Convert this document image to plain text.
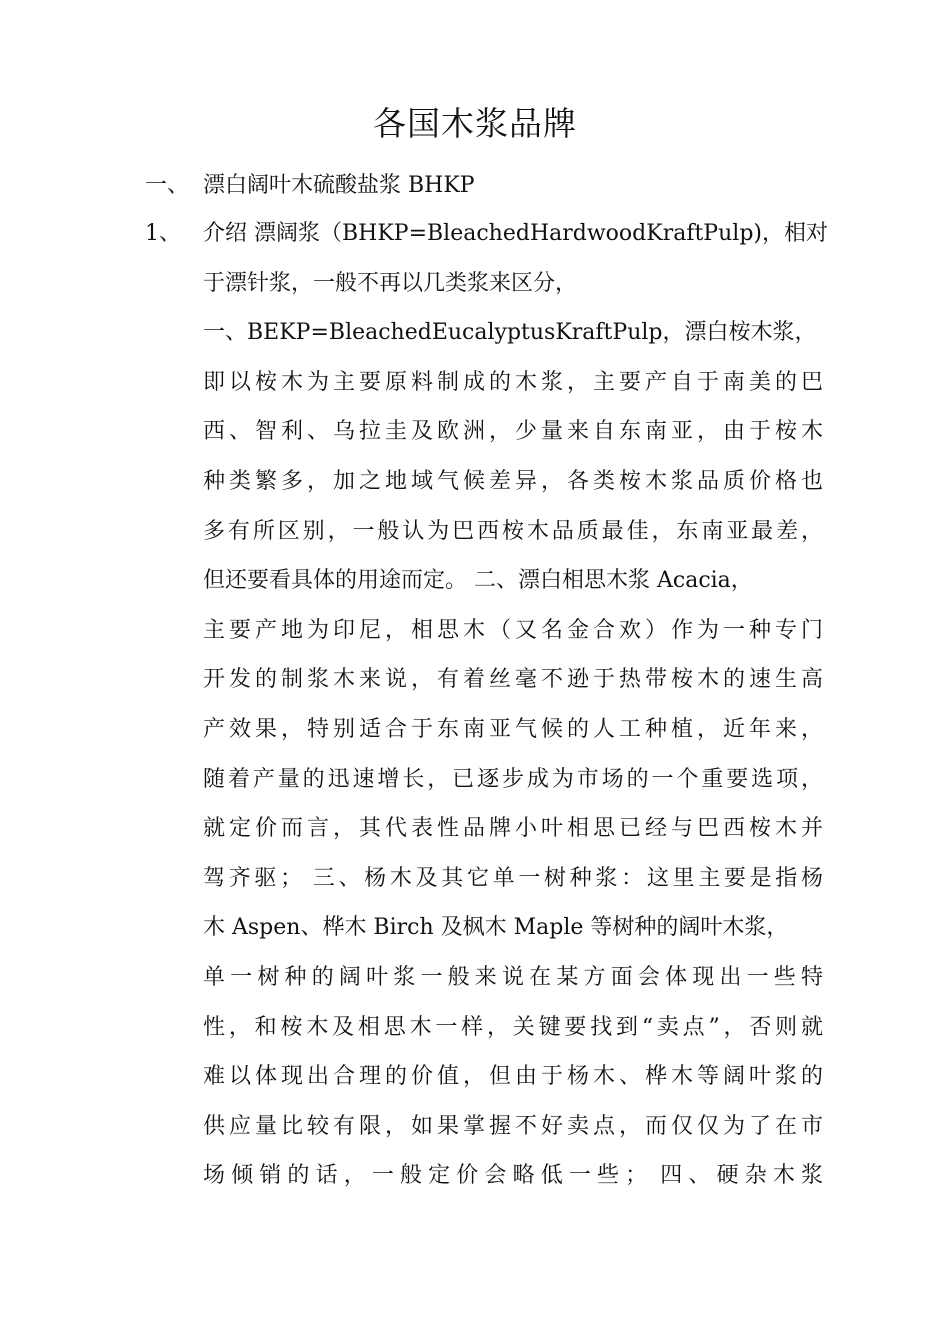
各国木浆品牌
一、 漂白阔叶木硫酸盐浆 BHKP
1、 介绍 漂阔浆（BHKP=BleachedHardwoodKraftPulp)，相对
于漂针浆，一般不再以几类浆来区分，
一、BEKP=BleachedEucalyptusKraftPulp，漂白桉木浆，
即以桉木为主要原料制成的木浆，主要产自于南美的巴
西、智利、乌拉圭及欧洲，少量来自东南亚，由于桉木
种类繁多，加之地域气候差异，各类桉木浆品质价格也
多有所区别，一般认为巴西桉木品质最佳，东南亚最差，
但还要看具体的用途而定。 二、漂白相思木浆 Acacia，
主要产地为印尼，相思木（又名金合欢）作为一种专门
开发的制浆木来说，有着丝毫不逊于热带桉木的速生高
产效果，特别适合于东南亚气候的人工种植，近年来，
随着产量的迅速增长，已逐步成为市场的一个重要选项，
就定价而言，其代表性品牌小叶相思已经与巴西桉木并
驾齐驱； 三、杨木及其它单一树种浆：这里主要是指杨
木 Aspen、桦木 Birch 及枫木 Maple 等树种的阔叶木浆，
单一树种的阔叶浆一般来说在某方面会体现出一些特
性，和桉木及相思木一样，关键要找到“卖点”，否则就
难以体现出合理的价值，但由于杨木、桦木等阔叶浆的
供应量比较有限，如果掌握不好卖点，而仅仅为了在市
场倾销的话，一般定价会略低一些； 四、硬杂木浆
